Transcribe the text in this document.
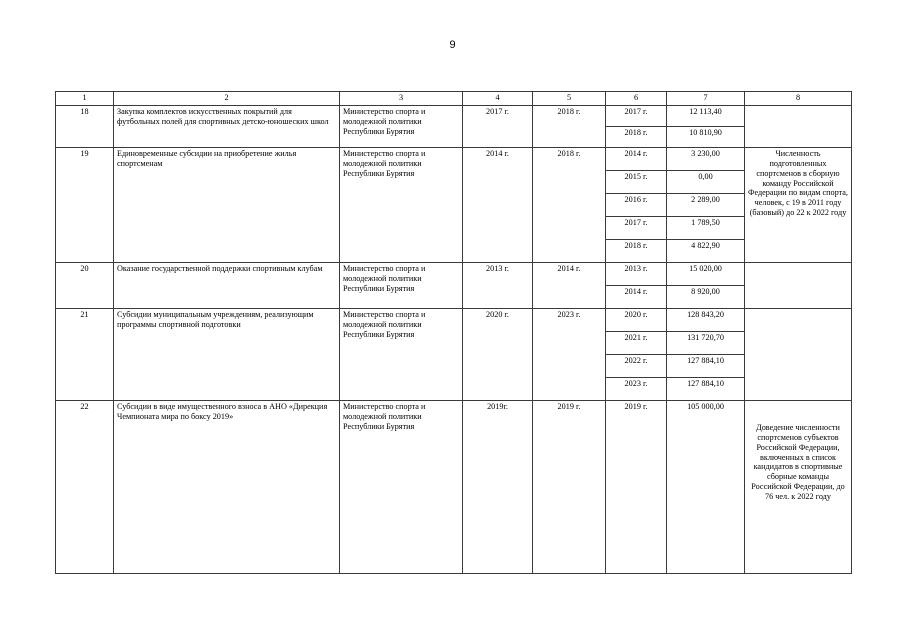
9
1	2	3	4	5	6	7	8
18	Закупка комплектов искусственных покрытий для футбольных полей для спортивных детско-юношеских школ	Министерство спорта и молодежной политики Республики Бурятия	2017 г.	2018 г.	2017 г.	12 113,40	
					2018 г.	10 810,90	
19	Единовременные субсидии на приобретение жилья спортсменам	Министерство спорта и молодежной политики Республики Бурятия	2014 г.	2018 г.	2014 г.	3 230,00	Численность подготовленных спортсменов в сборную команду Российской Федерации по видам спорта, человек, с 19 в 2011 году (базовый) до 22 к 2022 году
					2015 г.	0,00	
					2016 г.	2 289,00	
					2017 г.	1 789,50	
					2018 г.	4 822,90	
20	Оказание государственной поддержки спортивным клубам	Министерство спорта и молодежной политики Республики Бурятия	2013 г.	2014 г.	2013 г.	15 020,00	
					2014 г.	8 920,00	
21	Субсидии муниципальным учреждениям, реализующим программы спортивной подготовки	Министерство спорта и молодежной политики Республики Бурятия	2020 г.	2023 г.	2020 г.	128 843,20	
					2021 г.	131 720,70	
					2022 г.	127 884,10	
					2023 г.	127 884,10	
22	Субсидии в виде имущественного взноса в АНО «Дирекция Чемпионата мира по боксу 2019»	Министерство спорта и молодежной политики Республики Бурятия	2019г.	2019 г.	2019 г.	105 000,00	Доведение численности спортсменов субъектов Российской Федерации, включенных в список кандидатов в спортивные сборные команды Российской Федерации, до 76 чел. к 2022 году
